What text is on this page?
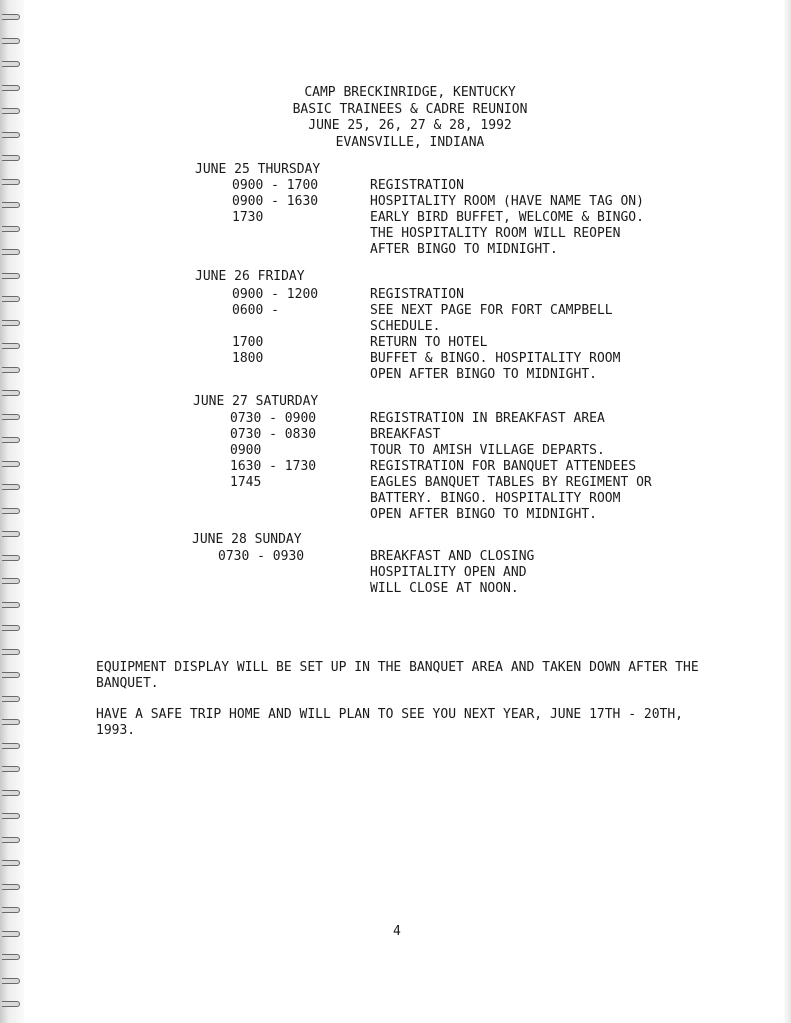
CAMP BRECKINRIDGE, KENTUCKY
BASIC TRAINEES & CADRE REUNION
JUNE 25, 26, 27 & 28, 1992
EVANSVILLE, INDIANA
JUNE 25 THURSDAY
0900 - 1700	REGISTRATION
0900 - 1630	HOSPITALITY ROOM (HAVE NAME TAG ON)
1730	EARLY BIRD BUFFET, WELCOME & BINGO.
THE HOSPITALITY ROOM WILL REOPEN
AFTER BINGO TO MIDNIGHT.
JUNE 26 FRIDAY
0900 - 1200	REGISTRATION
0600 -	SEE NEXT PAGE FOR FORT CAMPBELL
SCHEDULE.
1700	RETURN TO HOTEL
1800	BUFFET & BINGO. HOSPITALITY ROOM
OPEN AFTER BINGO TO MIDNIGHT.
JUNE 27 SATURDAY
0730 - 0900	REGISTRATION IN BREAKFAST AREA
0730 - 0830	BREAKFAST
0900	TOUR TO AMISH VILLAGE DEPARTS.
1630 - 1730	REGISTRATION FOR BANQUET ATTENDEES
1745	EAGLES BANQUET TABLES BY REGIMENT OR
BATTERY. BINGO. HOSPITALITY ROOM
OPEN AFTER BINGO TO MIDNIGHT.
JUNE 28 SUNDAY
0730 - 0930	BREAKFAST AND CLOSING
HOSPITALITY OPEN AND
WILL CLOSE AT NOON.
EQUIPMENT DISPLAY WILL BE SET UP IN THE BANQUET AREA AND TAKEN DOWN AFTER THE BANQUET.
HAVE A SAFE TRIP HOME AND WILL PLAN TO SEE YOU NEXT YEAR, JUNE 17TH - 20TH, 1993.
4
